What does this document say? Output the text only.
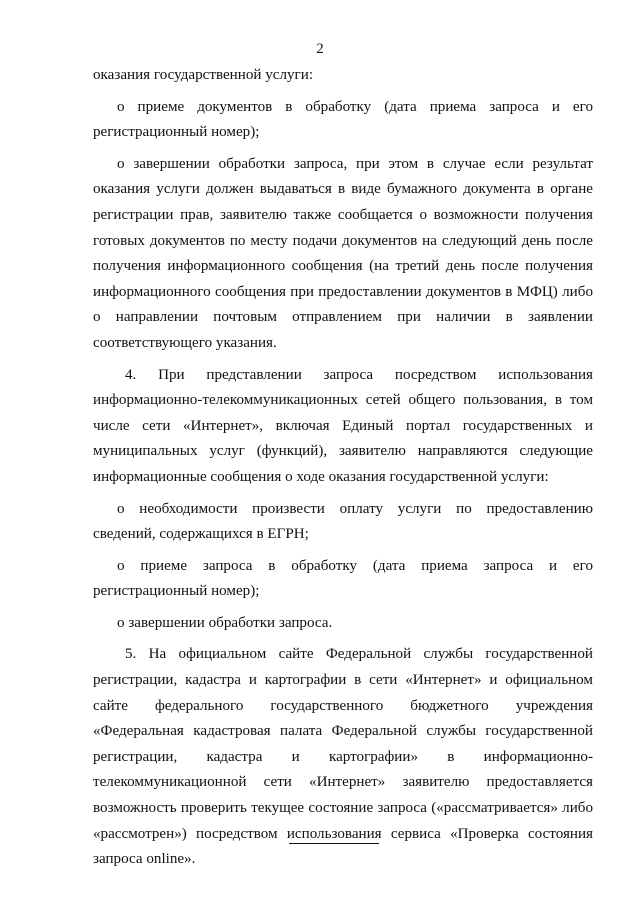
2

оказания государственной услуги:

о приеме документов в обработку (дата приема запроса и его регистрационный номер);

о завершении обработки запроса, при этом в случае если результат оказания услуги должен выдаваться в виде бумажного документа в органе регистрации прав, заявителю также сообщается о возможности получения готовых документов по месту подачи документов на следующий день после получения информационного сообщения (на третий день после получения информационного сообщения при предоставлении документов в МФЦ) либо о направлении почтовым отправлением при наличии в заявлении соответствующего указания.

4. При представлении запроса посредством использования информационно-телекоммуникационных сетей общего пользования, в том числе сети «Интернет», включая Единый портал государственных и муниципальных услуг (функций), заявителю направляются следующие информационные сообщения о ходе оказания государственной услуги:

о необходимости произвести оплату услуги по предоставлению сведений, содержащихся в ЕГРН;

о приеме запроса в обработку (дата приема запроса и его регистрационный номер);

о завершении обработки запроса.

5. На официальном сайте Федеральной службы государственной регистрации, кадастра и картографии в сети «Интернет» и официальном сайте федерального государственного бюджетного учреждения «Федеральная кадастровая палата Федеральной службы государственной регистрации, кадастра и картографии» в информационно-телекоммуникационной сети «Интернет» заявителю предоставляется возможность проверить текущее состояние запроса («рассматривается» либо «рассмотрен») посредством использования сервиса «Проверка состояния запроса online».
